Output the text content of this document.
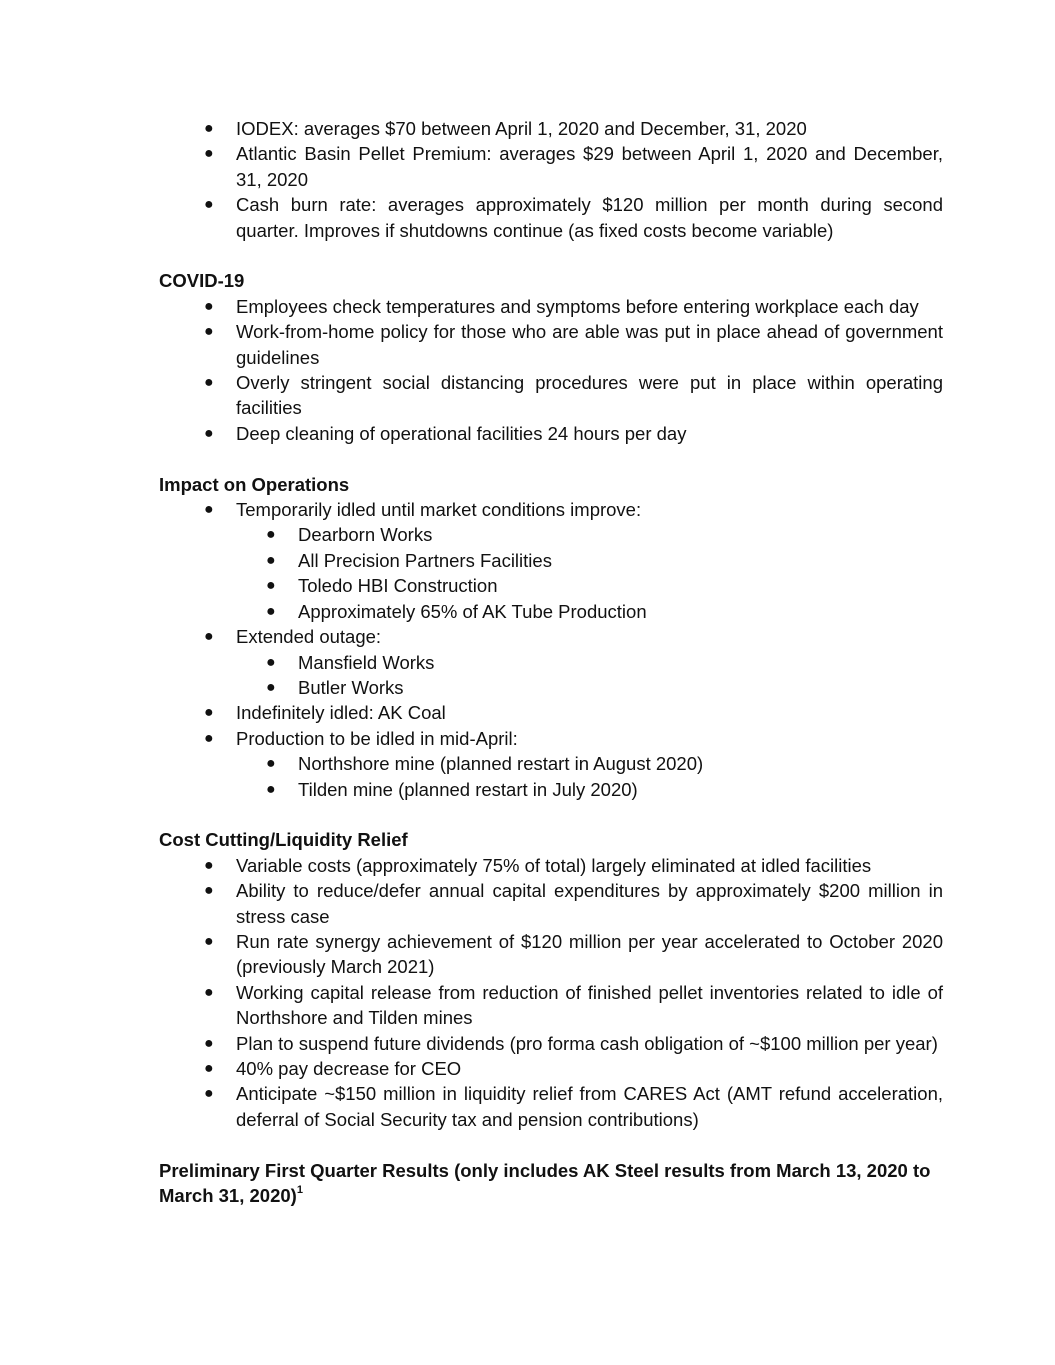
● IODEX: averages $70 between April 1, 2020 and December, 31, 2020
● Atlantic Basin Pellet Premium: averages $29 between April 1, 2020 and December, 31, 2020
● Cash burn rate: averages approximately $120 million per month during second quarter. Improves if shutdowns continue (as fixed costs become variable)

COVID-19

● Employees check temperatures and symptoms before entering workplace each day
● Work-from-home policy for those who are able was put in place ahead of government guidelines
● Overly stringent social distancing procedures were put in place within operating facilities
● Deep cleaning of operational facilities 24 hours per day

Impact on Operations

● Temporarily idled until market conditions improve:
● Dearborn Works
● All Precision Partners Facilities
● Toledo HBI Construction
● Approximately 65% of AK Tube Production
● Extended outage:
● Mansfield Works
● Butler Works
● Indefinitely idled: AK Coal
● Production to be idled in mid-April:
● Northshore mine (planned restart in August 2020)
● Tilden mine (planned restart in July 2020)

Cost Cutting/Liquidity Relief

● Variable costs (approximately 75% of total) largely eliminated at idled facilities
● Ability to reduce/defer annual capital expenditures by approximately $200 million in stress case
● Run rate synergy achievement of $120 million per year accelerated to October 2020 (previously March 2021)
● Working capital release from reduction of finished pellet inventories related to idle of Northshore and Tilden mines
● Plan to suspend future dividends (pro forma cash obligation of ~$100 million per year)
● 40% pay decrease for CEO
● Anticipate ~$150 million in liquidity relief from CARES Act (AMT refund acceleration, deferral of Social Security tax and pension contributions)

Preliminary First Quarter Results (only includes AK Steel results from March 13, 2020 to March 31, 2020)$^1$
